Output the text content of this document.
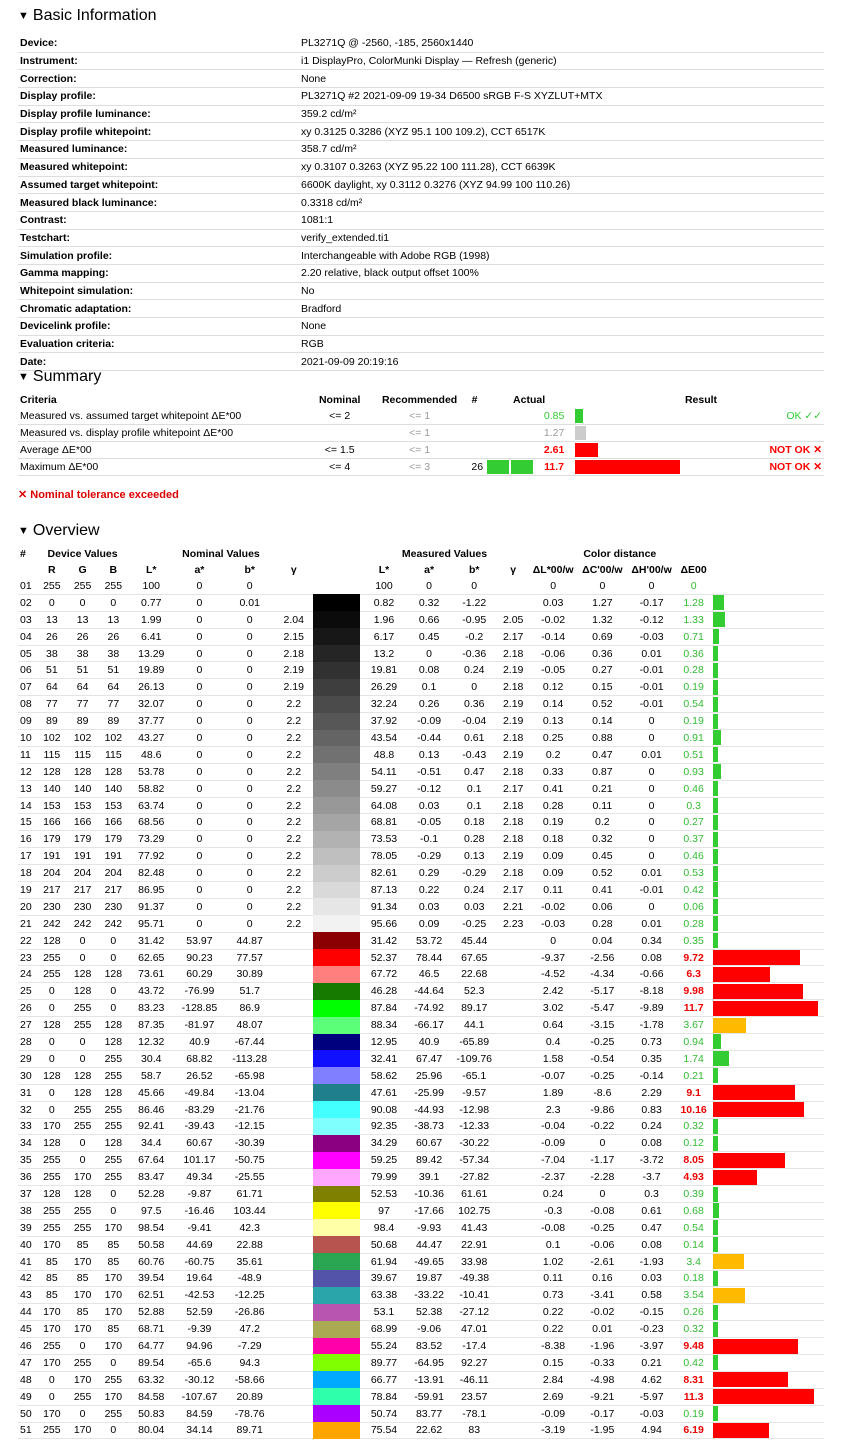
▼ Basic Information
Device:	PL3271Q @ -2560, -185, 2560x1440
Instrument:	i1 DisplayPro, ColorMunki Display — Refresh (generic)
Correction:	None
Display profile:	PL3271Q #2 2021-09-09 19-34 D6500 sRGB F-S XYZLUT+MTX
Display profile luminance:	359.2 cd/m²
Display profile whitepoint:	xy 0.3125 0.3286 (XYZ 95.1 100 109.2), CCT 6517K
Measured luminance:	358.7 cd/m²
Measured whitepoint:	xy 0.3107 0.3263 (XYZ 95.22 100 111.28), CCT 6639K
Assumed target whitepoint:	6600K daylight, xy 0.3112 0.3276 (XYZ 94.99 100 110.26)
Measured black luminance:	0.3318 cd/m²
Contrast:	1081:1
Testchart:	verify_extended.ti1
Simulation profile:	Interchangeable with Adobe RGB (1998)
Gamma mapping:	2.20 relative, black output offset 100%
Whitepoint simulation:	No
Chromatic adaptation:	Bradford
Devicelink profile:	None
Evaluation criteria:	RGB
Date:	2021-09-09 20:19:16
▼ Summary
Criteria	Nominal	Recommended	#	Actual			Result	
Measured vs. assumed target whitepoint ΔE*00	<= 2	<= 1			0.85			OK ✓✓
Measured vs. display profile whitepoint ΔE*00		<= 1			1.27			
Average ΔE*00	<= 1.5	<= 1			2.61			NOT OK ✕
Maximum ΔE*00	<= 4	<= 3	26		11.7			NOT OK ✕
✕ Nominal tolerance exceeded
▼ Overview
#	Device Values			Nominal Values					Measured Values				Color distance				
	R	G	B	L*	a*	b*	γ		L*	a*	b*	γ	ΔL*00/w	ΔC'00/w	ΔH'00/w	ΔE00	
01	255	255	255	100	0	0			100	0	0		0	0	0	0	
02	0	0	0	0.77	0	0.01			0.82	0.32	-1.22		0.03	1.27	-0.17	1.28	
03	13	13	13	1.99	0	0	2.04		1.96	0.66	-0.95	2.05	-0.02	1.32	-0.12	1.33	
04	26	26	26	6.41	0	0	2.15		6.17	0.45	-0.2	2.17	-0.14	0.69	-0.03	0.71	
05	38	38	38	13.29	0	0	2.18		13.2	0	-0.36	2.18	-0.06	0.36	0.01	0.36	
06	51	51	51	19.89	0	0	2.19		19.81	0.08	0.24	2.19	-0.05	0.27	-0.01	0.28	
07	64	64	64	26.13	0	0	2.19		26.29	0.1	0	2.18	0.12	0.15	-0.01	0.19	
08	77	77	77	32.07	0	0	2.2		32.24	0.26	0.36	2.19	0.14	0.52	-0.01	0.54	
09	89	89	89	37.77	0	0	2.2		37.92	-0.09	-0.04	2.19	0.13	0.14	0	0.19	
10	102	102	102	43.27	0	0	2.2		43.54	-0.44	0.61	2.18	0.25	0.88	0	0.91	
11	115	115	115	48.6	0	0	2.2		48.8	0.13	-0.43	2.19	0.2	0.47	0.01	0.51	
12	128	128	128	53.78	0	0	2.2		54.11	-0.51	0.47	2.18	0.33	0.87	0	0.93	
13	140	140	140	58.82	0	0	2.2		59.27	-0.12	0.1	2.17	0.41	0.21	0	0.46	
14	153	153	153	63.74	0	0	2.2		64.08	0.03	0.1	2.18	0.28	0.11	0	0.3	
15	166	166	166	68.56	0	0	2.2		68.81	-0.05	0.18	2.18	0.19	0.2	0	0.27	
16	179	179	179	73.29	0	0	2.2		73.53	-0.1	0.28	2.18	0.18	0.32	0	0.37	
17	191	191	191	77.92	0	0	2.2		78.05	-0.29	0.13	2.19	0.09	0.45	0	0.46	
18	204	204	204	82.48	0	0	2.2		82.61	0.29	-0.29	2.18	0.09	0.52	0.01	0.53	
19	217	217	217	86.95	0	0	2.2		87.13	0.22	0.24	2.17	0.11	0.41	-0.01	0.42	
20	230	230	230	91.37	0	0	2.2		91.34	0.03	0.03	2.21	-0.02	0.06	0	0.06	
21	242	242	242	95.71	0	0	2.2		95.66	0.09	-0.25	2.23	-0.03	0.28	0.01	0.28	
22	128	0	0	31.42	53.97	44.87			31.42	53.72	45.44		0	0.04	0.34	0.35	
23	255	0	0	62.65	90.23	77.57			52.37	78.44	67.65		-9.37	-2.56	0.08	9.72	
24	255	128	128	73.61	60.29	30.89			67.72	46.5	22.68		-4.52	-4.34	-0.66	6.3	
25	0	128	0	43.72	-76.99	51.7			46.28	-44.64	52.3		2.42	-5.17	-8.18	9.98	
26	0	255	0	83.23	-128.85	86.9			87.84	-74.92	89.17		3.02	-5.47	-9.89	11.7	
27	128	255	128	87.35	-81.97	48.07			88.34	-66.17	44.1		0.64	-3.15	-1.78	3.67	
28	0	0	128	12.32	40.9	-67.44			12.95	40.9	-65.89		0.4	-0.25	0.73	0.94	
29	0	0	255	30.4	68.82	-113.28			32.41	67.47	-109.76		1.58	-0.54	0.35	1.74	
30	128	128	255	58.7	26.52	-65.98			58.62	25.96	-65.1		-0.07	-0.25	-0.14	0.21	
31	0	128	128	45.66	-49.84	-13.04			47.61	-25.99	-9.57		1.89	-8.6	2.29	9.1	
32	0	255	255	86.46	-83.29	-21.76			90.08	-44.93	-12.98		2.3	-9.86	0.83	10.16	
33	170	255	255	92.41	-39.43	-12.15			92.35	-38.73	-12.33		-0.04	-0.22	0.24	0.32	
34	128	0	128	34.4	60.67	-30.39			34.29	60.67	-30.22		-0.09	0	0.08	0.12	
35	255	0	255	67.64	101.17	-50.75			59.25	89.42	-57.34		-7.04	-1.17	-3.72	8.05	
36	255	170	255	83.47	49.34	-25.55			79.99	39.1	-27.82		-2.37	-2.28	-3.7	4.93	
37	128	128	0	52.28	-9.87	61.71			52.53	-10.36	61.61		0.24	0	0.3	0.39	
38	255	255	0	97.5	-16.46	103.44			97	-17.66	102.75		-0.3	-0.08	0.61	0.68	
39	255	255	170	98.54	-9.41	42.3			98.4	-9.93	41.43		-0.08	-0.25	0.47	0.54	
40	170	85	85	50.58	44.69	22.88			50.68	44.47	22.91		0.1	-0.06	0.08	0.14	
41	85	170	85	60.76	-60.75	35.61			61.94	-49.65	33.98		1.02	-2.61	-1.93	3.4	
42	85	85	170	39.54	19.64	-48.9			39.67	19.87	-49.38		0.11	0.16	0.03	0.18	
43	85	170	170	62.51	-42.53	-12.25			63.38	-33.22	-10.41		0.73	-3.41	0.58	3.54	
44	170	85	170	52.88	52.59	-26.86			53.1	52.38	-27.12		0.22	-0.02	-0.15	0.26	
45	170	170	85	68.71	-9.39	47.2			68.99	-9.06	47.01		0.22	0.01	-0.23	0.32	
46	255	0	170	64.77	94.96	-7.29			55.24	83.52	-17.4		-8.38	-1.96	-3.97	9.48	
47	170	255	0	89.54	-65.6	94.3			89.77	-64.95	92.27		0.15	-0.33	0.21	0.42	
48	0	170	255	63.32	-30.12	-58.66			66.77	-13.91	-46.11		2.84	-4.98	4.62	8.31	
49	0	255	170	84.58	-107.67	20.89			78.84	-59.91	23.57		2.69	-9.21	-5.97	11.3	
50	170	0	255	50.83	84.59	-78.76			50.74	83.77	-78.1		-0.09	-0.17	-0.03	0.19	
51	255	170	0	80.04	34.14	89.71			75.54	22.62	83		-3.19	-1.95	4.94	6.19	
